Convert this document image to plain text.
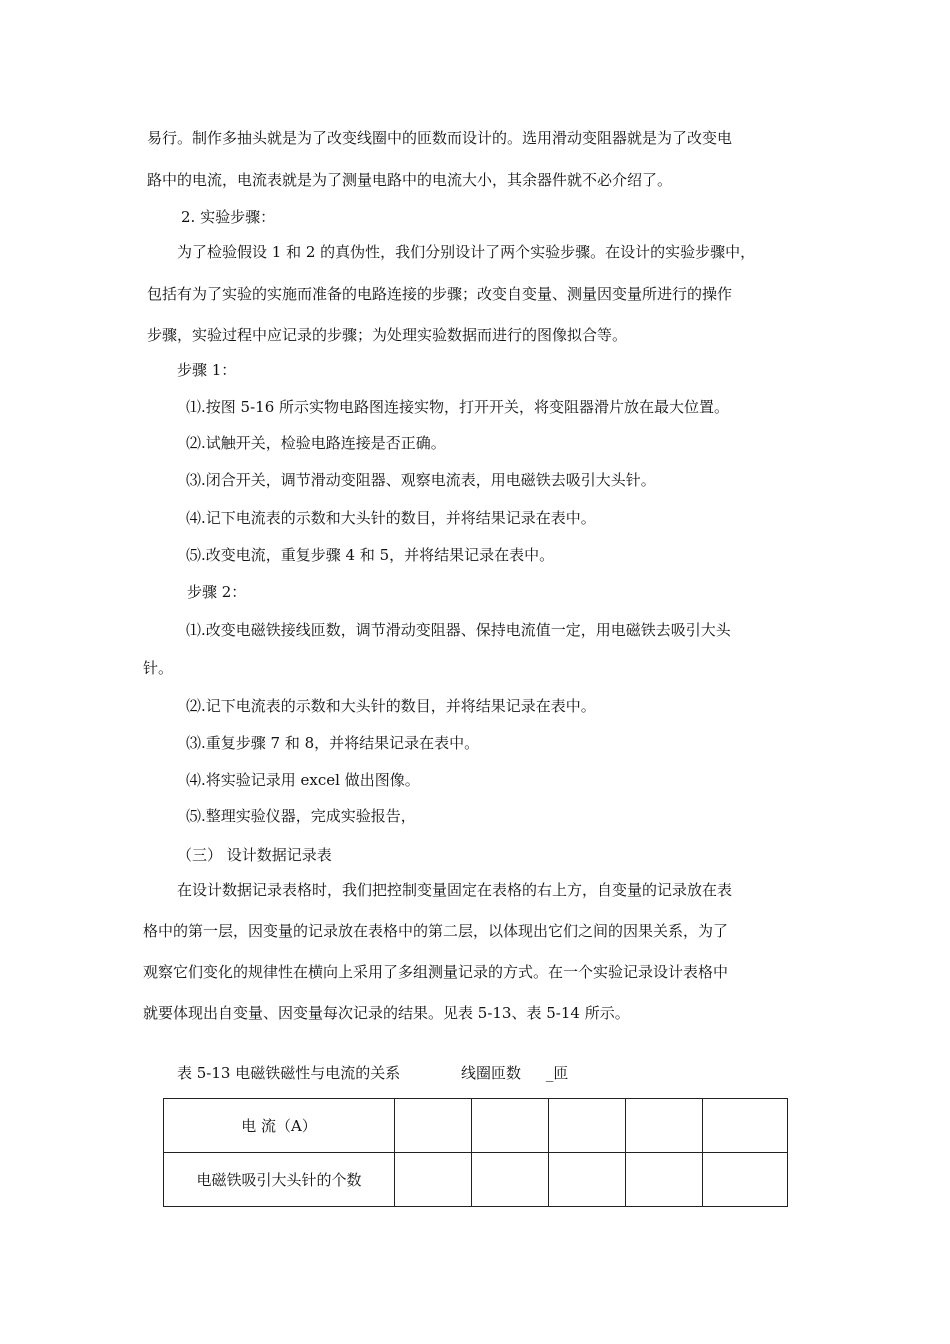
易行。制作多抽头就是为了改变线圈中的匝数而设计的。选用滑动变阻器就是为了改变电
路中的电流，电流表就是为了测量电路中的电流大小，其余器件就不必介绍了。
2. 实验步骤：
为了检验假设 1 和 2 的真伪性，我们分别设计了两个实验步骤。在设计的实验步骤中，
包括有为了实验的实施而准备的电路连接的步骤；改变自变量、测量因变量所进行的操作
步骤，实验过程中应记录的步骤；为处理实验数据而进行的图像拟合等。
步骤 1：
⑴.按图 5-16 所示实物电路图连接实物，打开开关，将变阻器滑片放在最大位置。
⑵.试触开关，检验电路连接是否正确。
⑶.闭合开关，调节滑动变阻器、观察电流表，用电磁铁去吸引大头针。
⑷.记下电流表的示数和大头针的数目，并将结果记录在表中。
⑸.改变电流，重复步骤 4 和 5，并将结果记录在表中。
步骤 2：
⑴.改变电磁铁接线匝数，调节滑动变阻器、保持电流值一定，用电磁铁去吸引大头
针。
⑵.记下电流表的示数和大头针的数目，并将结果记录在表中。
⑶.重复步骤 7 和 8，并将结果记录在表中。
⑷.将实验记录用 excel 做出图像。
⑸.整理实验仪器，完成实验报告，
（三） 设计数据记录表
在设计数据记录表格时，我们把控制变量固定在表格的右上方，自变量的记录放在表
格中的第一层，因变量的记录放在表格中的第二层，以体现出它们之间的因果关系，为了
观察它们变化的规律性在横向上采用了多组测量记录的方式。在一个实验记录设计表格中
就要体现出自变量、因变量每次记录的结果。见表 5-13、表 5-14 所示。
表 5-13 电磁铁磁性与电流的关系	线圈匝数 _匝
电 流（A）					
电磁铁吸引大头针的个数					
